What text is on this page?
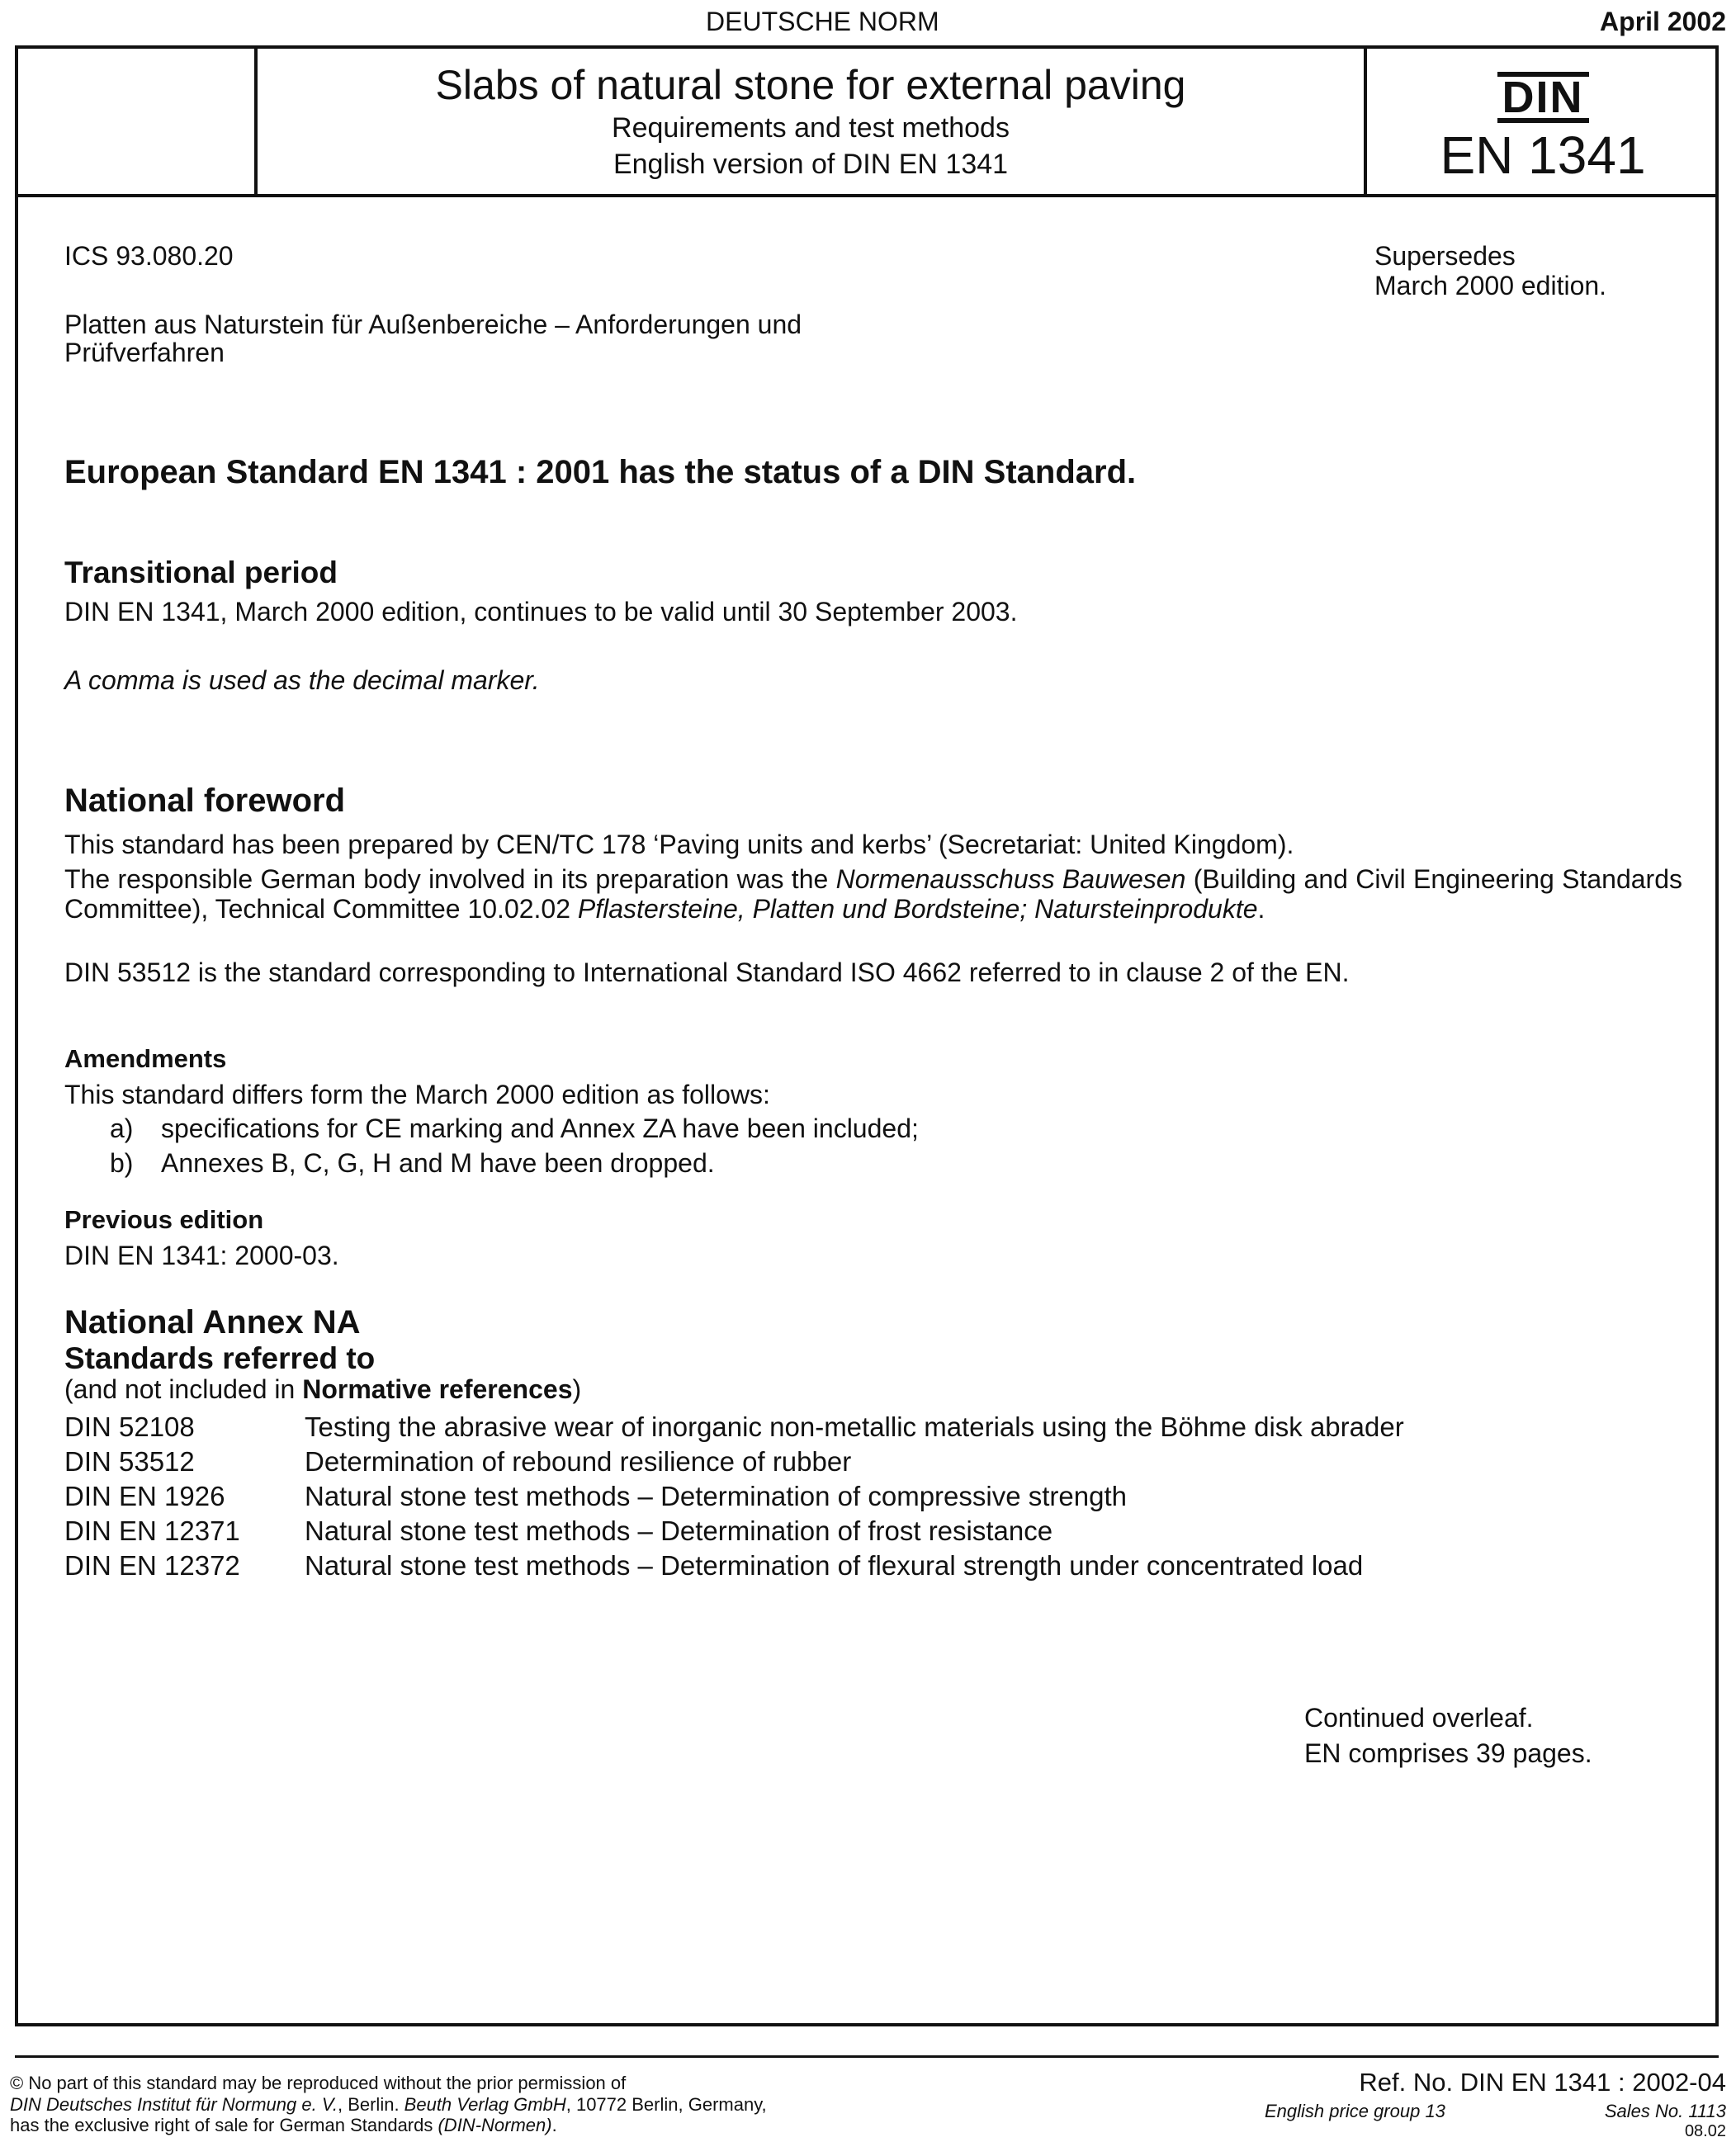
DEUTSCHE NORM	April 2002
Slabs of natural stone for external paving
Requirements and test methods
English version of DIN EN 1341
DIN
EN 1341
ICS 93.080.20
Platten aus Naturstein für Außenbereiche – Anforderungen und
Prüfverfahren
Supersedes
March 2000 edition.
European Standard EN 1341 : 2001 has the status of a DIN Standard.
Transitional period
DIN EN 1341, March 2000 edition, continues to be valid until 30 September 2003.
A comma is used as the decimal marker.
National foreword
This standard has been prepared by CEN/TC 178 ‘Paving units and kerbs’ (Secretariat: United Kingdom).
The responsible German body involved in its preparation was the Normenausschuss Bauwesen (Building and Civil Engineering Standards Committee), Technical Committee 10.02.02 Pflastersteine, Platten und Bordsteine; Natursteinprodukte.
DIN 53512 is the standard corresponding to International Standard ISO 4662 referred to in clause 2 of the EN.
Amendments
This standard differs form the March 2000 edition as follows:
a) specifications for CE marking and Annex ZA have been included;
b) Annexes B, C, G, H and M have been dropped.
Previous edition
DIN EN 1341: 2000-03.
National Annex NA
Standards referred to
(and not included in Normative references)
DIN 52108	Testing the abrasive wear of inorganic non-metallic materials using the Böhme disk abrader
DIN 53512	Determination of rebound resilience of rubber
DIN EN 1926	Natural stone test methods – Determination of compressive strength
DIN EN 12371 Natural stone test methods – Determination of frost resistance
DIN EN 12372 Natural stone test methods – Determination of flexural strength under concentrated load
Continued overleaf.
EN comprises 39 pages.
© No part of this standard may be reproduced without the prior permission of
DIN Deutsches Institut für Normung e. V., Berlin. Beuth Verlag GmbH, 10772 Berlin, Germany,
has the exclusive right of sale for German Standards (DIN-Normen).
Ref. No. DIN EN 1341 : 2002-04
English price group 13	Sales No. 1113
08.02
